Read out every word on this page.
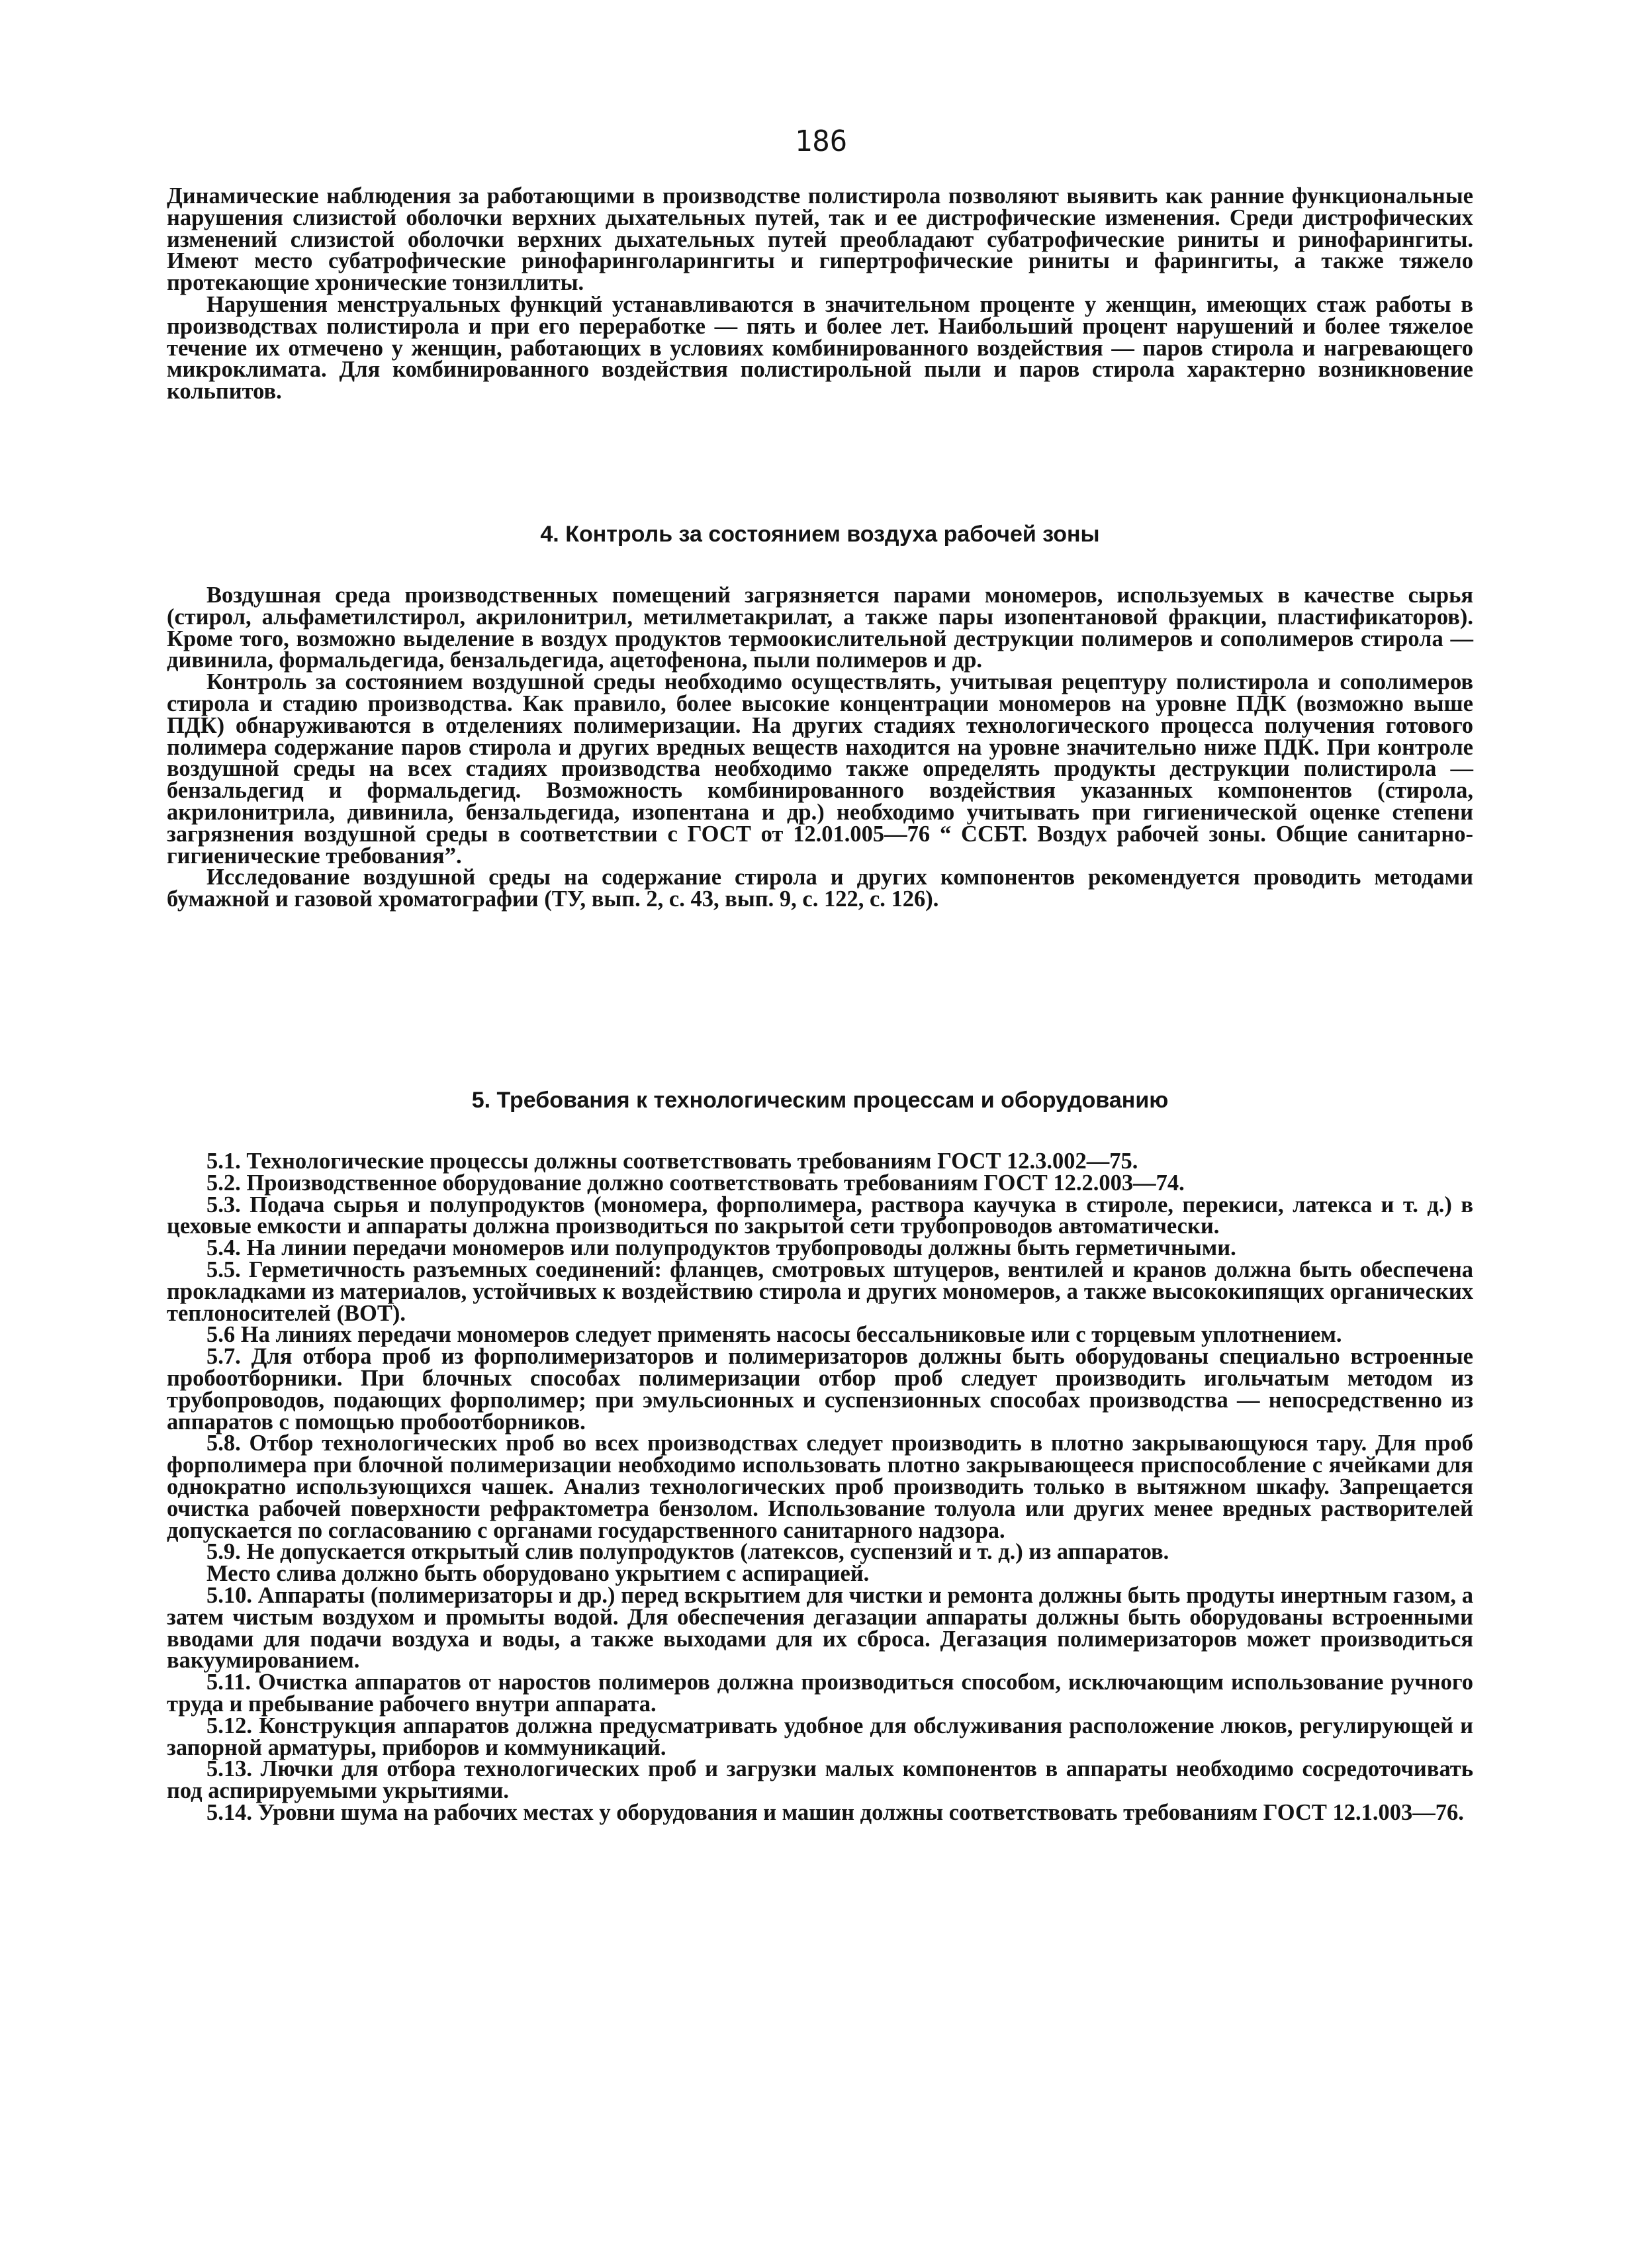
186

Динамические наблюдения за работающими в производстве полистирола позволяют выявить как ранние функциональные нарушения слизистой оболочки верхних дыхательных путей, так и ее дистрофические изменения. Среди дистрофических изменений слизистой оболочки верхних дыхательных путей преобладают субатрофические риниты и ринофарингиты. Имеют место субатрофические ринофаринголарингиты и гипертрофические риниты и фарингиты, а также тяжело протекающие хронические тонзиллиты.

Нарушения менструальных функций устанавливаются в значительном проценте у женщин, имеющих стаж работы в производствах полистирола и при его переработке — пять и более лет. Наибольший процент нарушений и более тяжелое течение их отмечено у женщин, работающих в условиях комбинированного воздействия — паров стирола и нагревающего микроклимата. Для комбинированного воздействия полистирольной пыли и паров стирола характерно возникновение кольпитов.

4. Контроль за состоянием воздуха рабочей зоны

Воздушная среда производственных помещений загрязняется парами мономеров, используемых в качестве сырья (стирол, альфаметилстирол, акрилонитрил, метилметакрилат, а также пары изопентановой фракции, пластификаторов). Кроме того, возможно выделение в воздух продуктов термоокислительной деструкции полимеров и сополимеров стирола — дивинила, формальдегида, бензальдегида, ацетофенона, пыли полимеров и др.

Контроль за состоянием воздушной среды необходимо осуществлять, учитывая рецептуру полистирола и сополимеров стирола и стадию производства. Как правило, более высокие концентрации мономеров на уровне ПДК (возможно выше ПДК) обнаруживаются в отделениях полимеризации. На других стадиях технологического процесса получения готового полимера содержание паров стирола и других вредных веществ находится на уровне значительно ниже ПДК. При контроле воздушной среды на всех стадиях производства необходимо также определять продукты деструкции полистирола — бензальдегид и формальдегид. Возможность комбинированного воздействия указанных компонентов (стирола, акрилонитрила, дивинила, бензальдегида, изопентана и др.) необходимо учитывать при гигиенической оценке степени загрязнения воздушной среды в соответствии с ГОСТ от 12.01.005—76 “ ССБТ. Воздух рабочей зоны. Общие санитарно-гигиенические требования”.

Исследование воздушной среды на содержание стирола и других компонентов рекомендуется проводить методами бумажной и газовой хроматографии (ТУ, вып. 2, с. 43, вып. 9, с. 122, с. 126).

5. Требования к технологическим процессам и оборудованию

5.1. Технологические процессы должны соответствовать требованиям ГОСТ 12.3.002—75.

5.2. Производственное оборудование должно соответствовать требованиям ГОСТ 12.2.003—74.

5.3. Подача сырья и полупродуктов (мономера, форполимера, раствора каучука в стироле, перекиси, латекса и т. д.) в цеховые емкости и аппараты должна производиться по закрытой сети трубопроводов автоматически.

5.4. На линии передачи мономеров или полупродуктов трубопроводы должны быть герметичными.

5.5. Герметичность разъемных соединений: фланцев, смотровых штуцеров, вентилей и кранов должна быть обеспечена прокладками из материалов, устойчивых к воздействию стирола и других мономеров, а также высококипящих органических теплоносителей (ВОТ).

5.6 На линиях передачи мономеров следует применять насосы бессальниковые или с торцевым уплотнением.

5.7. Для отбора проб из форполимеризаторов и полимеризаторов должны быть оборудованы специально встроенные пробоотборники. При блочных способах полимеризации отбор проб следует производить игольчатым методом из трубопроводов, подающих форполимер; при эмульсионных и суспензионных способах производства — непосредственно из аппаратов с помощью пробоотборников.

5.8. Отбор технологических проб во всех производствах следует производить в плотно закрывающуюся тару. Для проб форполимера при блочной полимеризации необходимо использовать плотно закрывающееся приспособление с ячейками для однократно использующихся чашек. Анализ технологических проб производить только в вытяжном шкафу. Запрещается очистка рабочей поверхности рефрактометра бензолом. Использование толуола или других менее вредных растворителей допускается по согласованию с органами государственного санитарного надзора.

5.9. Не допускается открытый слив полупродуктов (латексов, суспензий и т. д.) из аппаратов.

Место слива должно быть оборудовано укрытием с аспирацией.

5.10. Аппараты (полимеризаторы и др.) перед вскрытием для чистки и ремонта должны быть продуты инертным газом, а затем чистым воздухом и промыты водой. Для обеспечения дегазации аппараты должны быть оборудованы встроенными вводами для подачи воздуха и воды, а также выходами для их сброса. Дегазация полимеризаторов может производиться вакуумированием.

5.11. Очистка аппаратов от наростов полимеров должна производиться способом, исключающим использование ручного труда и пребывание рабочего внутри аппарата.

5.12. Конструкция аппаратов должна предусматривать удобное для обслуживания расположение люков, регулирующей и запорной арматуры, приборов и коммуникаций.

5.13. Лючки для отбора технологических проб и загрузки малых компонентов в аппараты необходимо сосредоточивать под аспирируемыми укрытиями.

5.14. Уровни шума на рабочих местах у оборудования и машин должны соответствовать требованиям ГОСТ 12.1.003—76.
